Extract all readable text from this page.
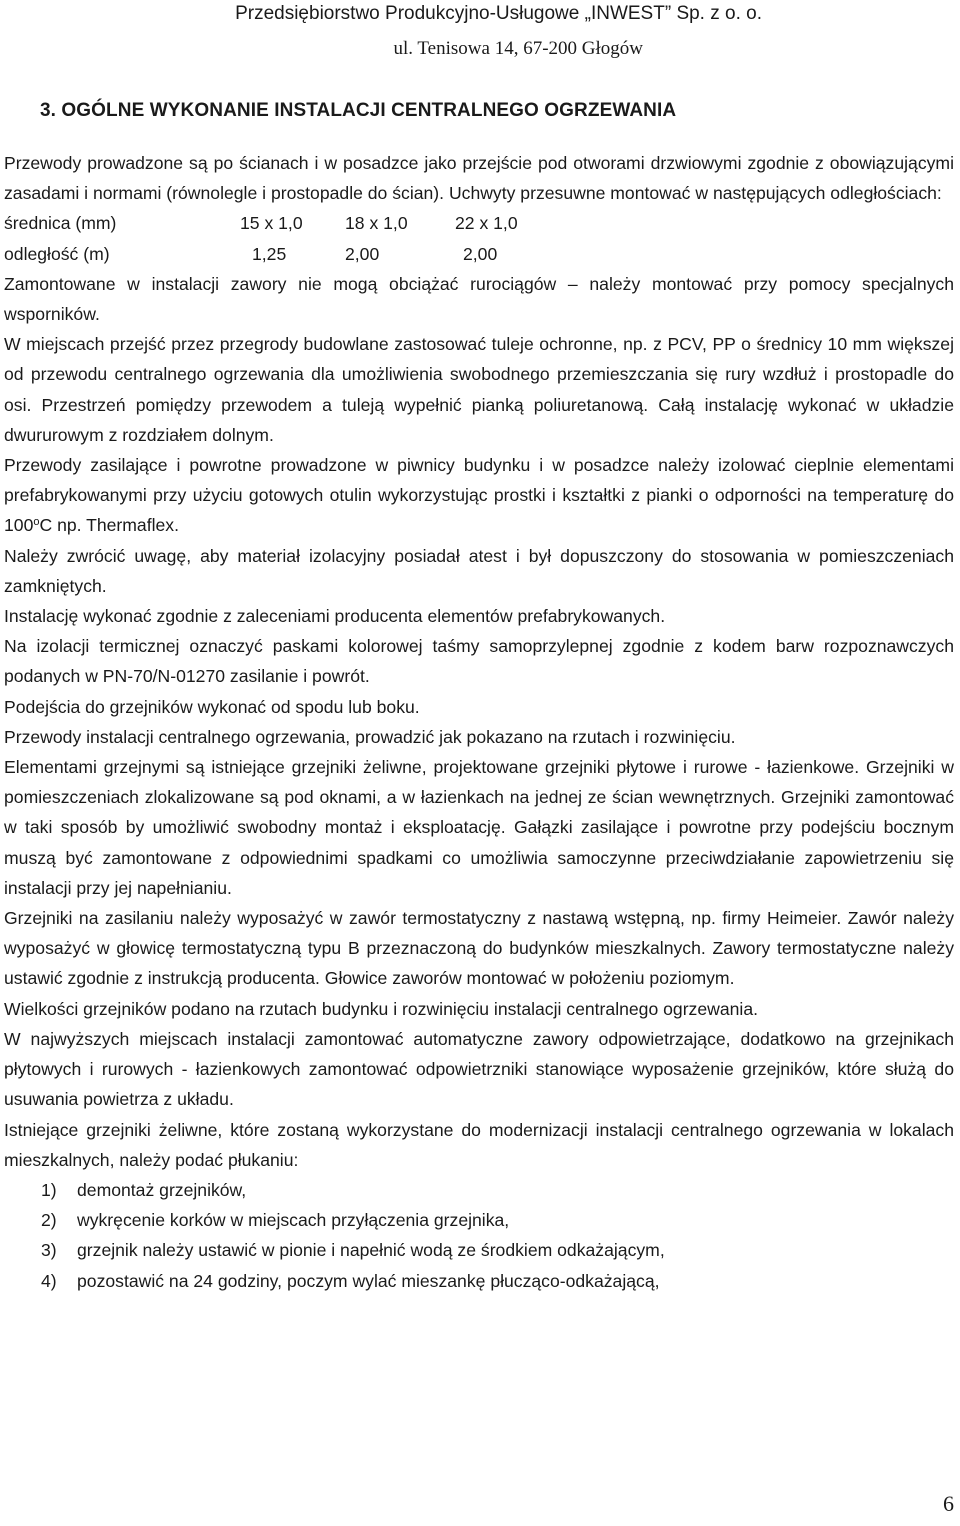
Przedsiębiorstwo Produkcyjno-Usługowe „INWEST” Sp. z o. o.
ul. Tenisowa 14, 67-200 Głogów
3. OGÓLNE WYKONANIE INSTALACJI CENTRALNEGO OGRZEWANIA

Przewody prowadzone są po ścianach i w posadzce jako przejście pod otworami drzwiowymi zgodnie z obowiązującymi zasadami i normami (równolegle i prostopadle do ścian). Uchwyty przesuwne montować w następujących odległościach:

średnica (mm)	15 x 1,0	18 x 1,0	22 x 1,0
odległość (m)	1,25	2,00	2,00

Zamontowane w instalacji zawory nie mogą obciążać rurociągów – należy montować przy pomocy specjalnych wsporników.

W miejscach przejść przez przegrody budowlane zastosować tuleje ochronne, np. z PCV, PP o średnicy 10 mm większej od przewodu centralnego ogrzewania dla umożliwienia swobodnego przemieszczania się rury wzdłuż i prostopadle do osi. Przestrzeń pomiędzy przewodem a tuleją wypełnić pianką poliuretanową. Całą instalację wykonać w układzie dwururowym z rozdziałem dolnym.

Przewody zasilające i powrotne prowadzone w piwnicy budynku i w posadzce należy izolować cieplnie elementami prefabrykowanymi przy użyciu gotowych otulin wykorzystując prostki i kształtki z pianki o odporności na temperaturę do 100$^o$C np. Thermaflex.

Należy zwrócić uwagę, aby materiał izolacyjny posiadał atest i był dopuszczony do stosowania w pomieszczeniach zamkniętych.

Instalację wykonać zgodnie z zaleceniami producenta elementów prefabrykowanych.

Na izolacji termicznej oznaczyć paskami kolorowej taśmy samoprzylepnej zgodnie z kodem barw rozpoznawczych podanych w PN-70/N-01270 zasilanie i powrót.

Podejścia do grzejników wykonać od spodu lub boku.

Przewody instalacji centralnego ogrzewania, prowadzić jak pokazano na rzutach i rozwinięciu.

Elementami grzejnymi są istniejące grzejniki żeliwne, projektowane grzejniki płytowe i rurowe - łazienkowe. Grzejniki w pomieszczeniach zlokalizowane są pod oknami, a w łazienkach na jednej ze ścian wewnętrznych. Grzejniki zamontować w taki sposób by umożliwić swobodny montaż i eksploatację. Gałązki zasilające i powrotne przy podejściu bocznym muszą być zamontowane z odpowiednimi spadkami co umożliwia samoczynne przeciwdziałanie zapowietrzeniu się instalacji przy jej napełnianiu.

Grzejniki na zasilaniu należy wyposażyć w zawór termostatyczny z nastawą wstępną, np. firmy Heimeier. Zawór należy wyposażyć w głowicę termostatyczną typu B przeznaczoną do budynków mieszkalnych. Zawory termostatyczne należy ustawić zgodnie z instrukcją producenta. Głowice zaworów montować w położeniu poziomym.

Wielkości grzejników podano na rzutach budynku i rozwinięciu instalacji centralnego ogrzewania.

W najwyższych miejscach instalacji zamontować automatyczne zawory odpowietrzające, dodatkowo na grzejnikach płytowych i rurowych - łazienkowych zamontować odpowietrzniki stanowiące wyposażenie grzejników, które służą do usuwania powietrza z układu.

Istniejące grzejniki żeliwne, które zostaną wykorzystane do modernizacji instalacji centralnego ogrzewania w lokalach mieszkalnych, należy podać płukaniu:

1) demontaż grzejników,
2) wykręcenie korków w miejscach przyłączenia grzejnika,
3) grzejnik należy ustawić w pionie i napełnić wodą ze środkiem odkażającym,
4) pozostawić na 24 godziny, poczym wylać mieszankę płucząco-odkażającą,
6
